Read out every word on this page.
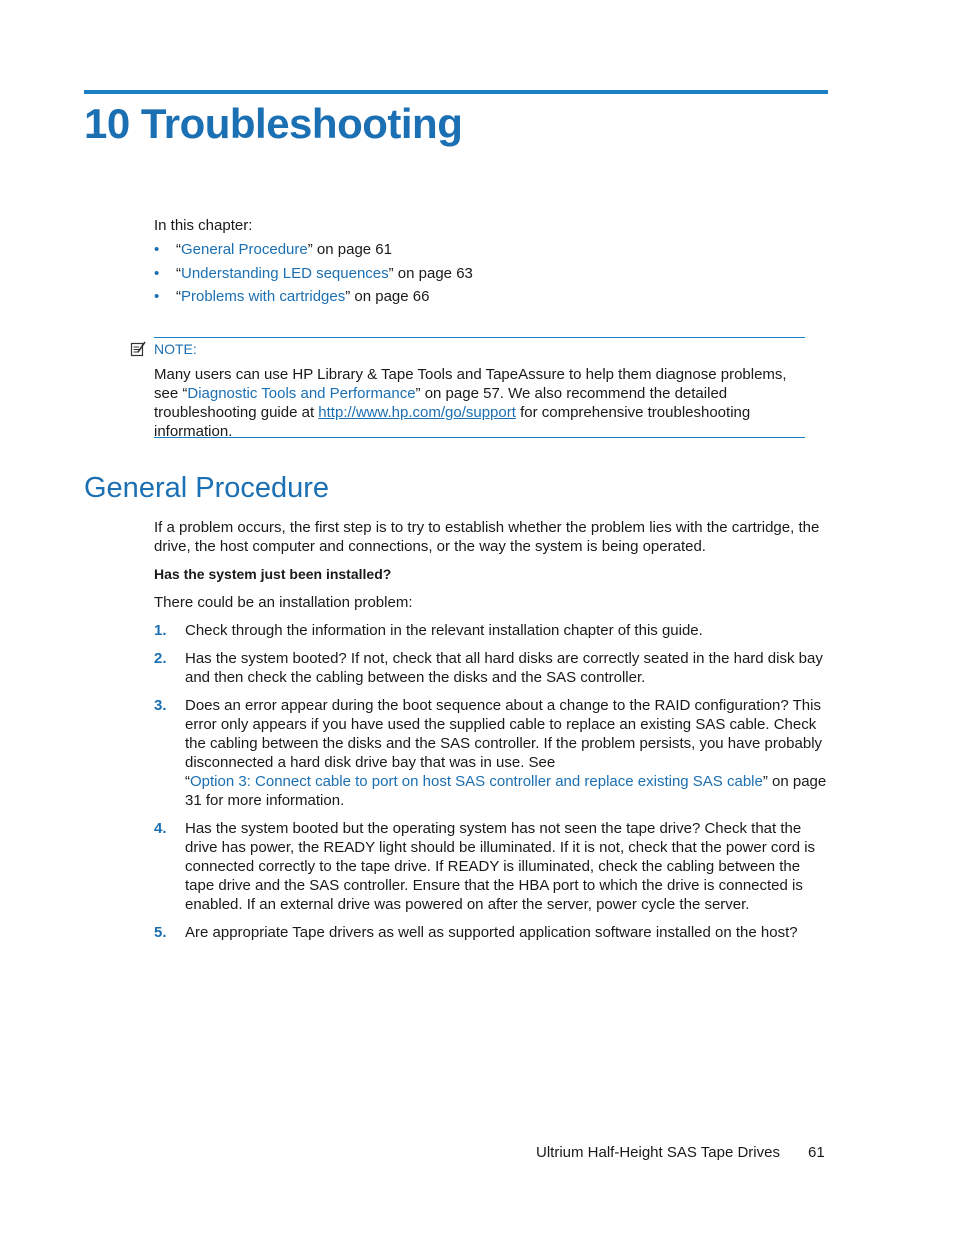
10 Troubleshooting

In this chapter:

• “General Procedure” on page 61
• “Understanding LED sequences” on page 63
• “Problems with cartridges” on page 66
NOTE:

Many users can use HP Library & Tape Tools and TapeAssure to help them diagnose problems, see “Diagnostic Tools and Performance” on page 57. We also recommend the detailed troubleshooting guide at http://www.hp.com/go/support for comprehensive troubleshooting information.

General Procedure

If a problem occurs, the first step is to try to establish whether the problem lies with the cartridge, the drive, the host computer and connections, or the way the system is being operated.

Has the system just been installed?

There could be an installation problem:

1. Check through the information in the relevant installation chapter of this guide.
2. Has the system booted? If not, check that all hard disks are correctly seated in the hard disk bay and then check the cabling between the disks and the SAS controller.
3. Does an error appear during the boot sequence about a change to the RAID configuration? This error only appears if you have used the supplied cable to replace an existing SAS cable. Check the cabling between the disks and the SAS controller. If the problem persists, you have probably disconnected a hard disk drive bay that was in use. See
“Option 3: Connect cable to port on host SAS controller and replace existing SAS cable” on page 31 for more information.
4. Has the system booted but the operating system has not seen the tape drive? Check that the drive has power, the READY light should be illuminated. If it is not, check that the power cord is connected correctly to the tape drive. If READY is illuminated, check the cabling between the tape drive and the SAS controller. Ensure that the HBA port to which the drive is connected is enabled. If an external drive was powered on after the server, power cycle the server.
5. Are appropriate Tape drivers as well as supported application software installed on the host?

Ultrium Half-Height SAS Tape Drives 61
